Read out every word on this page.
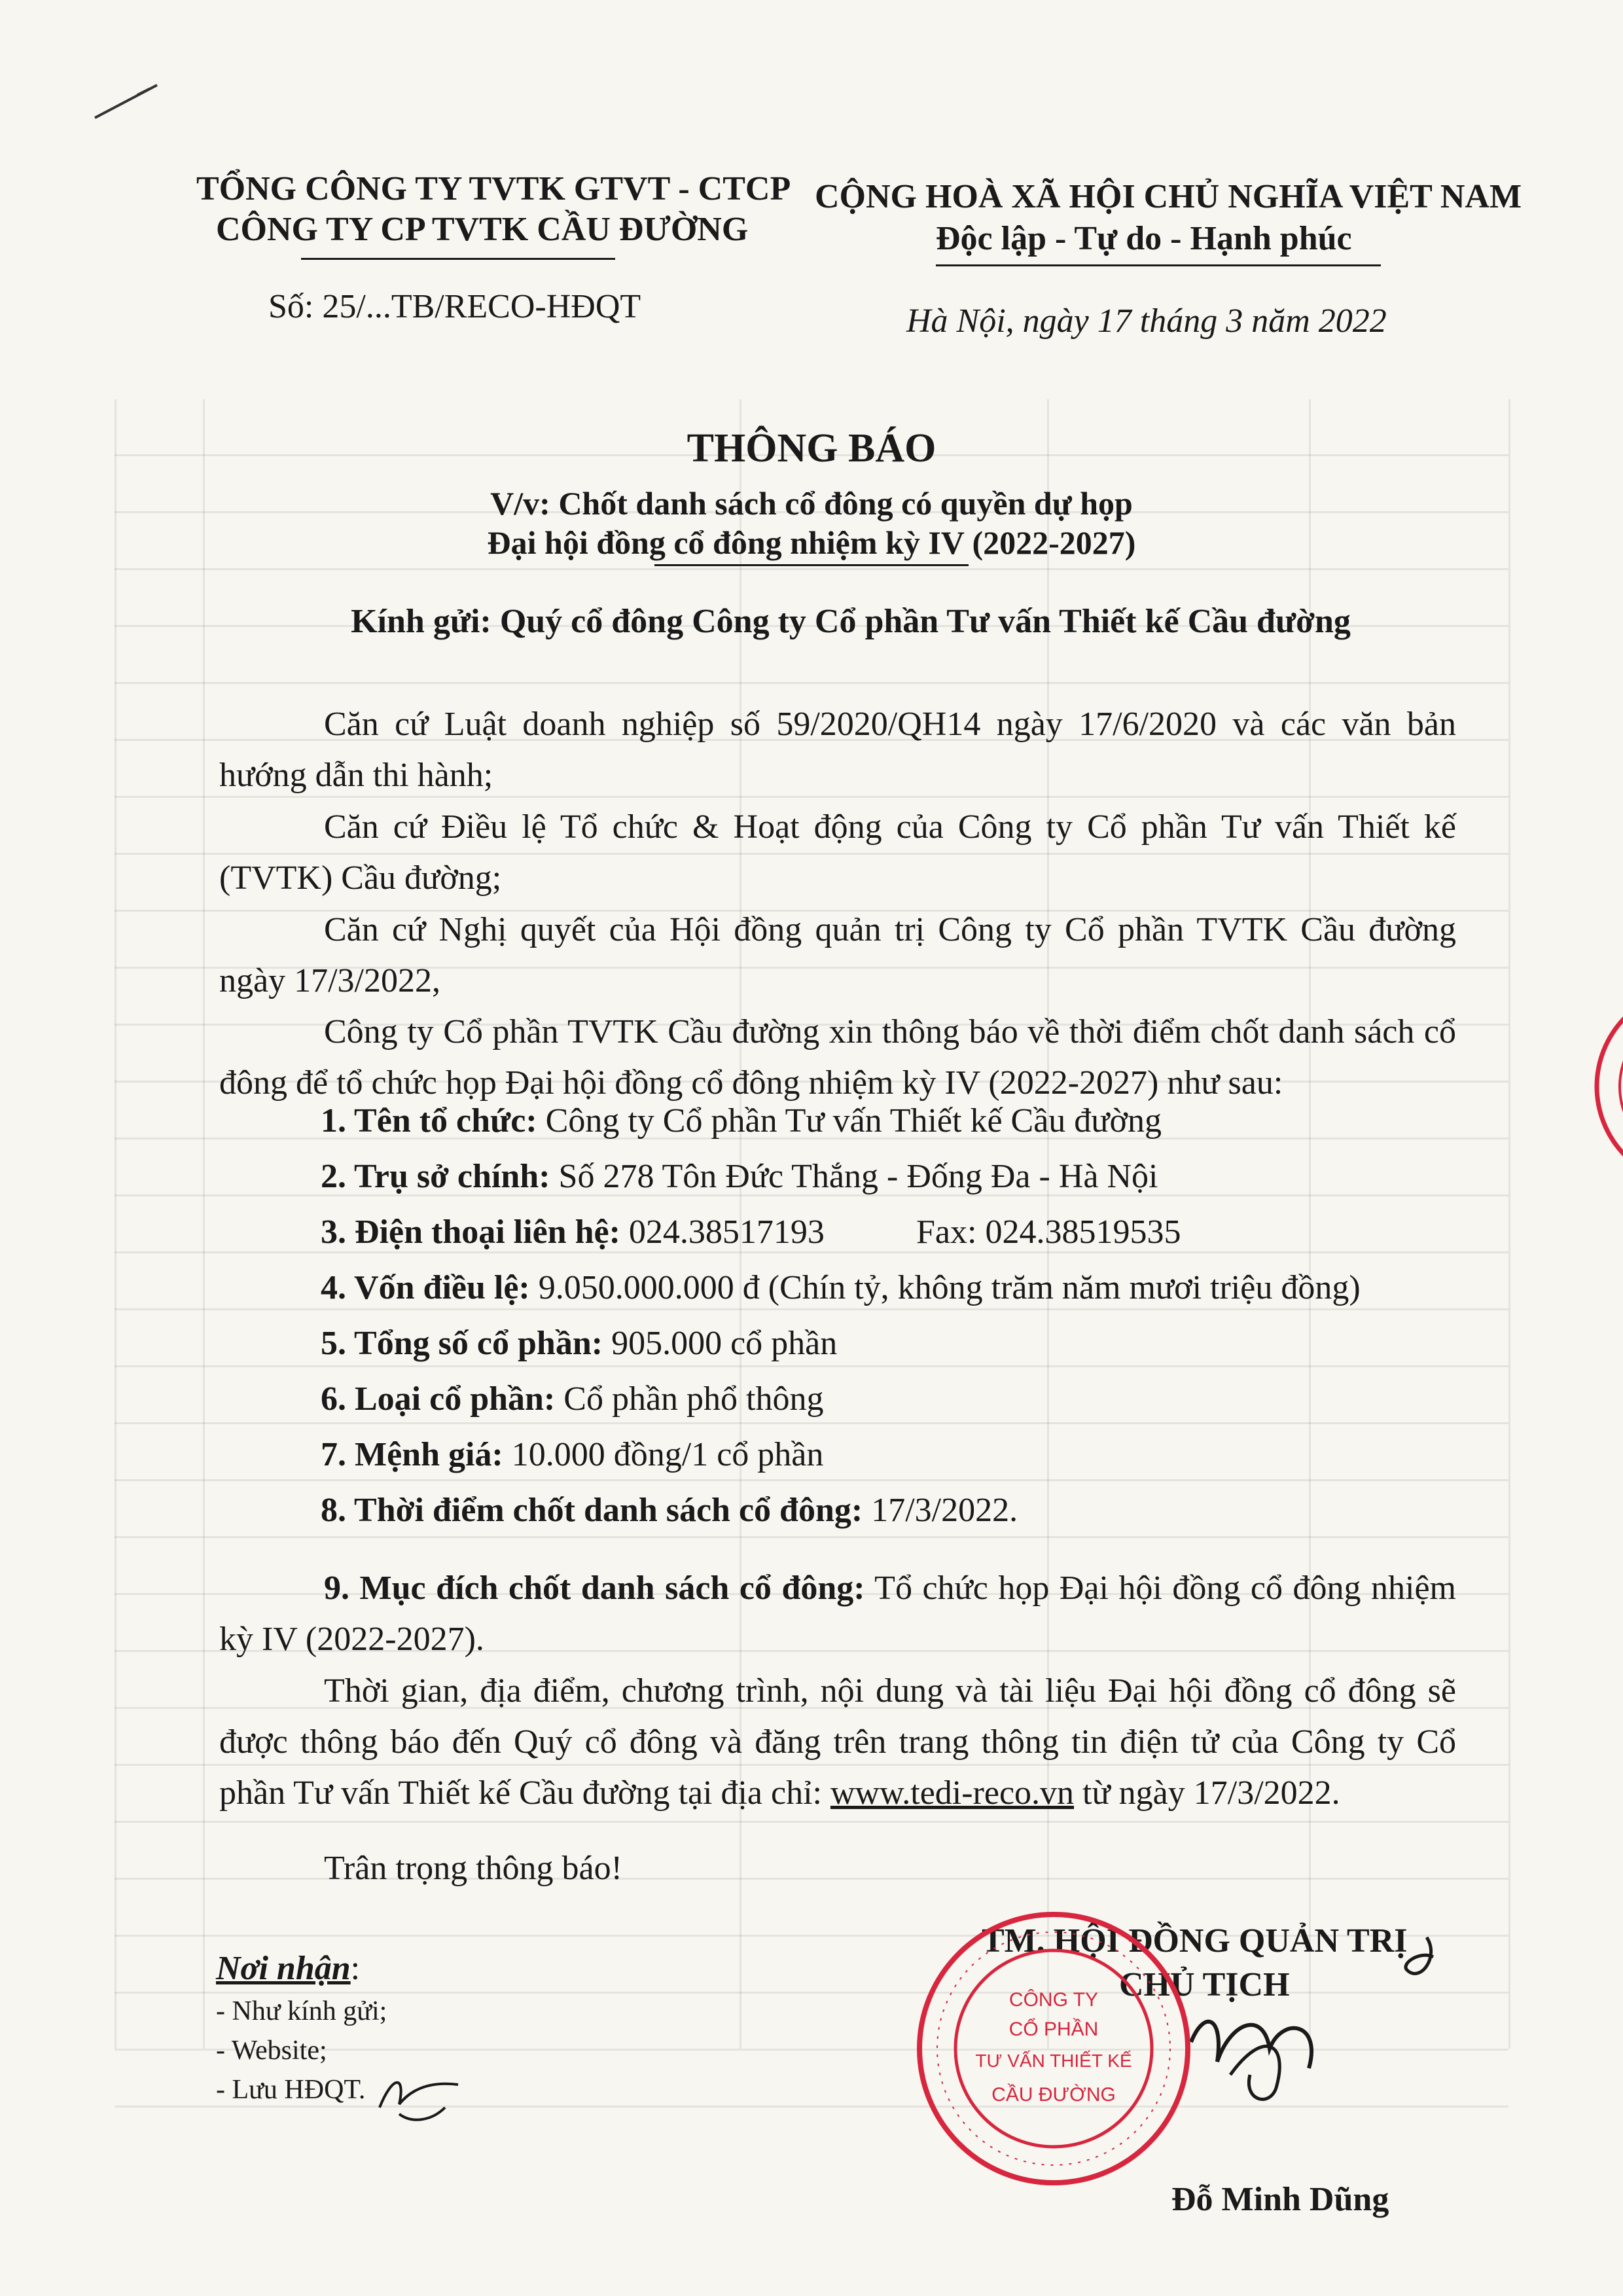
TỔNG CÔNG TY TVTK GTVT - CTCP
CÔNG TY CP TVTK CẦU ĐƯỜNG
CỘNG HOÀ XÃ HỘI CHỦ NGHĨA VIỆT NAM
Độc lập - Tự do - Hạnh phúc
Số: 25/...TB/RECO-HĐQT	Hà Nội, ngày 17 tháng 3 năm 2022
THÔNG BÁO
V/v: Chốt danh sách cổ đông có quyền dự họp
Đại hội đồng cổ đông nhiệm kỳ IV (2022-2027)
Kính gửi: Quý cổ đông Công ty Cổ phần Tư vấn Thiết kế Cầu đường
Căn cứ Luật doanh nghiệp số 59/2020/QH14 ngày 17/6/2020 và các văn bản hướng dẫn thi hành;
Căn cứ Điều lệ Tổ chức & Hoạt động của Công ty Cổ phần Tư vấn Thiết kế (TVTK) Cầu đường;
Căn cứ Nghị quyết của Hội đồng quản trị Công ty Cổ phần TVTK Cầu đường ngày 17/3/2022,
Công ty Cổ phần TVTK Cầu đường xin thông báo về thời điểm chốt danh sách cổ đông để tổ chức họp Đại hội đồng cổ đông nhiệm kỳ IV (2022-2027) như sau:
1. Tên tổ chức: Công ty Cổ phần Tư vấn Thiết kế Cầu đường
2. Trụ sở chính: Số 278 Tôn Đức Thắng - Đống Đa - Hà Nội
3. Điện thoại liên hệ: 024.38517193	Fax: 024.38519535
4. Vốn điều lệ: 9.050.000.000 đ (Chín tỷ, không trăm năm mươi triệu đồng)
5. Tổng số cổ phần: 905.000 cổ phần
6. Loại cổ phần: Cổ phần phổ thông
7. Mệnh giá: 10.000 đồng/1 cổ phần
8. Thời điểm chốt danh sách cổ đông: 17/3/2022.
9. Mục đích chốt danh sách cổ đông: Tổ chức họp Đại hội đồng cổ đông nhiệm kỳ IV (2022-2027).
Thời gian, địa điểm, chương trình, nội dung và tài liệu Đại hội đồng cổ đông sẽ được thông báo đến Quý cổ đông và đăng trên trang thông tin điện tử của Công ty Cổ phần Tư vấn Thiết kế Cầu đường tại địa chỉ: www.tedi-reco.vn từ ngày 17/3/2022.
Trân trọng thông báo!
Nơi nhận:
- Như kính gửi;
- Website;
- Lưu HĐQT.
TM. HỘI ĐỒNG QUẢN TRỊ
CHỦ TỊCH
Đỗ Minh Dũng
CÔNG TY
CỔ PHẦN
TƯ VẤN THIẾT KẾ
CẦU ĐƯỜNG
